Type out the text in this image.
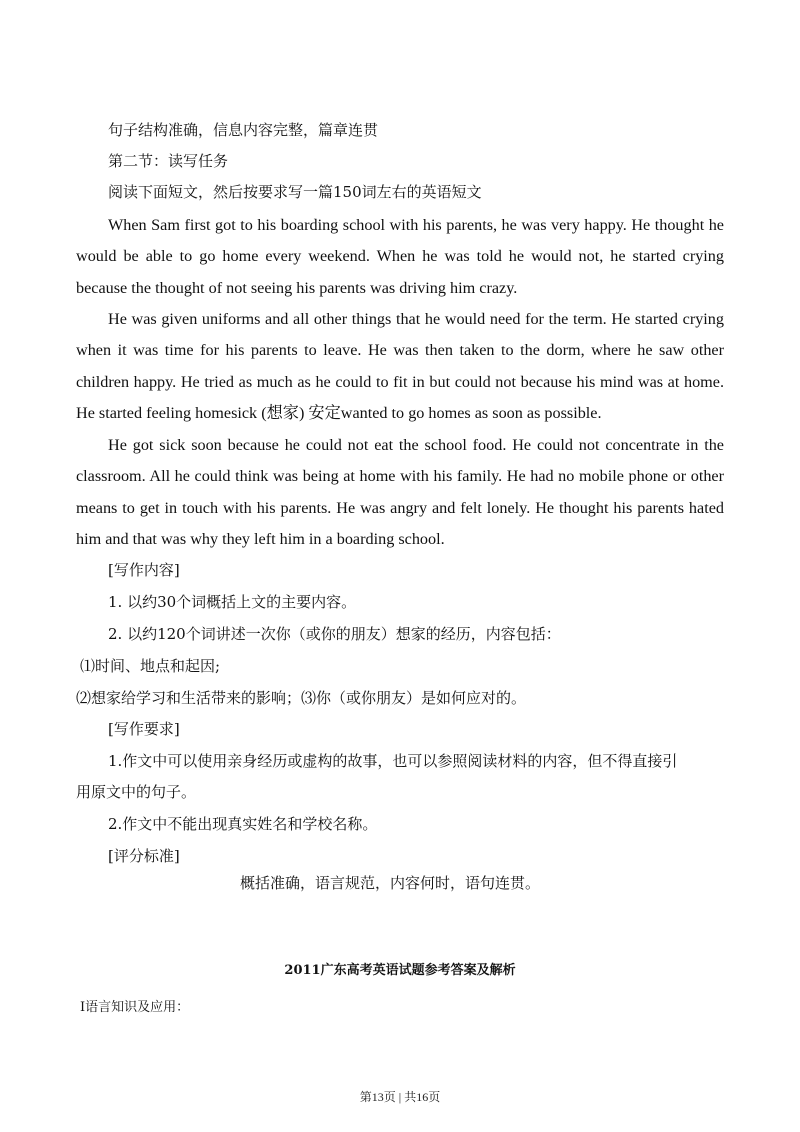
句子结构准确，信息内容完整，篇章连贯
第二节：读写任务
阅读下面短文，然后按要求写一篇150词左右的英语短文
When Sam first got to his boarding school with his parents, he was very happy. He thought he would be able to go home every weekend. When he was told he would not, he started crying because the thought of not seeing his parents was driving him crazy.
He was given uniforms and all other things that he would need for the term. He started crying when it was time for his parents to leave. He was then taken to the dorm, where he saw other children happy. He tried as much as he could to fit in but could not because his mind was at home. He started feeling homesick (想家) 安定wanted to go homes as soon as possible.
He got sick soon because he could not eat the school food. He could not concentrate in the classroom. All he could think was being at home with his family. He had no mobile phone or other means to get in touch with his parents. He was angry and felt lonely. He thought his parents hated him and that was why they left him in a boarding school.
[写作内容]
1. 以约30个词概括上文的主要内容。
2. 以约120个词讲述一次你（或你的朋友）想家的经历，内容包括：
⑴时间、地点和起因;
⑵想家给学习和生活带来的影响；⑶你（或你朋友）是如何应对的。
[写作要求]
1.作文中可以使用亲身经历或虚构的故事，也可以参照阅读材料的内容，但不得直接引
用原文中的句子。
2.作文中不能出现真实姓名和学校名称。
[评分标准]
概括准确，语言规范，内容何时，语句连贯。
2011广东高考英语试题参考答案及解析
Ⅰ语言知识及应用：
第13页 | 共16页
